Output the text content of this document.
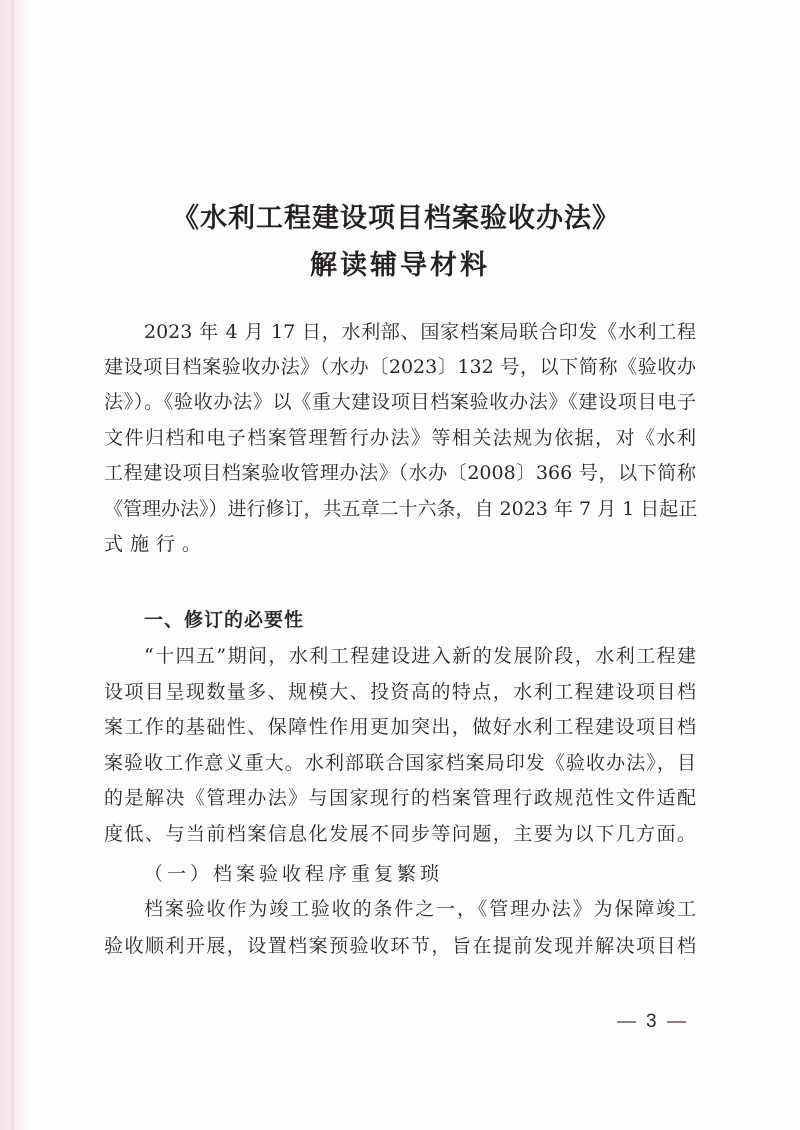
《水利工程建设项目档案验收办法》
解读辅导材料
2023 年 4 月 17 日，水利部、国家档案局联合印发《水利工程
建设项目档案验收办法》（水办〔2023〕132 号，以下简称《验收办
法》）。《验收办法》以《重大建设项目档案验收办法》《建设项目电子
文件归档和电子档案管理暂行办法》等相关法规为依据，对《水利
工程建设项目档案验收管理办法》（水办〔2008〕366 号，以下简称
《管理办法》）进行修订，共五章二十六条，自 2023 年 7 月 1 日起正
式施行。
一、修订的必要性
“十四五”期间，水利工程建设进入新的发展阶段，水利工程建
设项目呈现数量多、规模大、投资高的特点，水利工程建设项目档
案工作的基础性、保障性作用更加突出，做好水利工程建设项目档
案验收工作意义重大。水利部联合国家档案局印发《验收办法》，目
的是解决《管理办法》与国家现行的档案管理行政规范性文件适配
度低、与当前档案信息化发展不同步等问题，主要为以下几方面。
（一）档案验收程序重复繁琐
档案验收作为竣工验收的条件之一，《管理办法》为保障竣工
验收顺利开展，设置档案预验收环节，旨在提前发现并解决项目档
3
